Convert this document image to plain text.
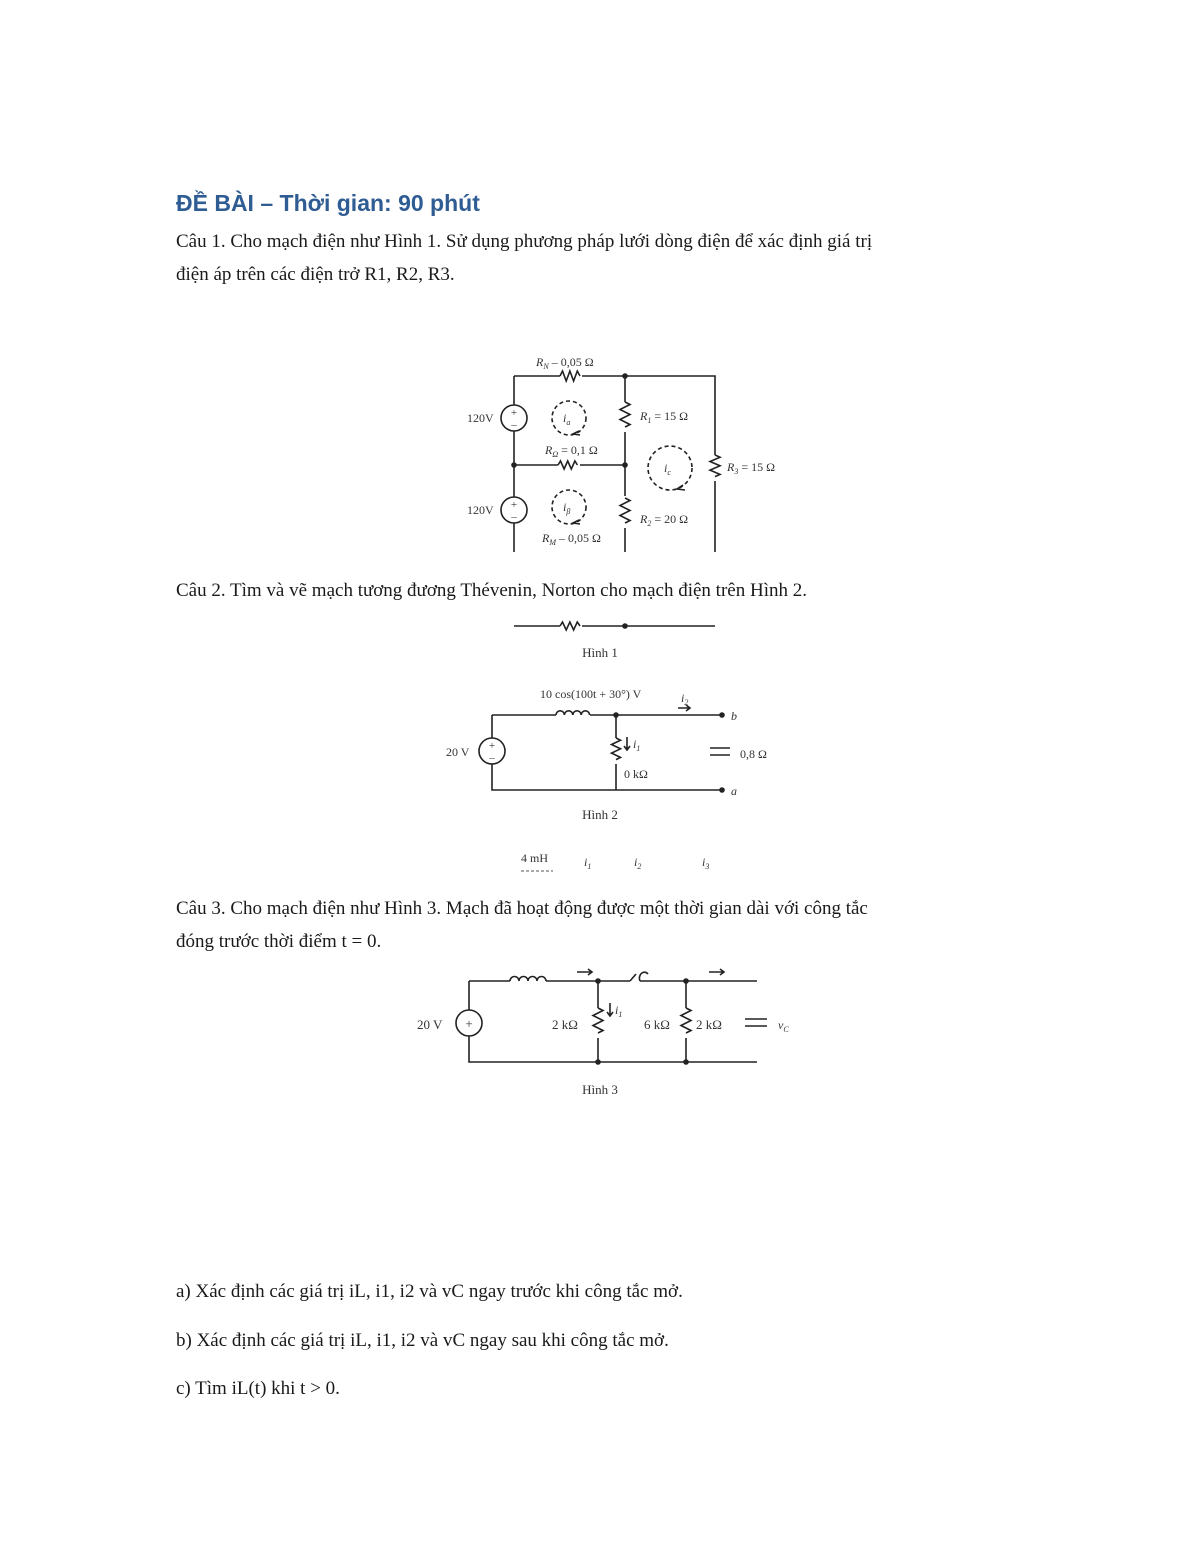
ĐỀ BÀI – Thời gian: 90 phút
Câu 1. Cho mạch điện như Hình 1. Sử dụng phương pháp lưới dòng điện để xác định giá trị
điện áp trên các điện trở R1, R2, R3.
+
–
+
–
$R_N - 0,05$ Ω
120V
120V
$R_1 = 15$ Ω
$R_2 = 20$ Ω
$R_3 = 15$ Ω
$R_\Omega = 0,1$ Ω
$R_M - 0,05$ Ω
$i_a$
$i_\beta$
$i_c$
Câu 2. Tìm và vẽ mạch tương đương Thévenin, Norton cho mạch điện trên Hình 2.
Hình 1
+
–
10 cos(100t + 30°) V	$i_2$
b
a
20 V
$i_1$
0 kΩ
0,8 Ω
Hình 2
4 mH	$i_1$	$i_2$	$i_3$
Câu 3. Cho mạch điện như Hình 3. Mạch đã hoạt động được một thời gian dài với công tắc
đóng trước thời điểm t = 0.
+
20 V	2 kΩ
$i_1$
6 kΩ 2 kΩ	$v_C$
Hình 3
a) Xác định các giá trị iL, i1, i2 và vC ngay trước khi công tắc mở.
b) Xác định các giá trị iL, i1, i2 và vC ngay sau khi công tắc mở.
c) Tìm iL(t) khi t > 0.
